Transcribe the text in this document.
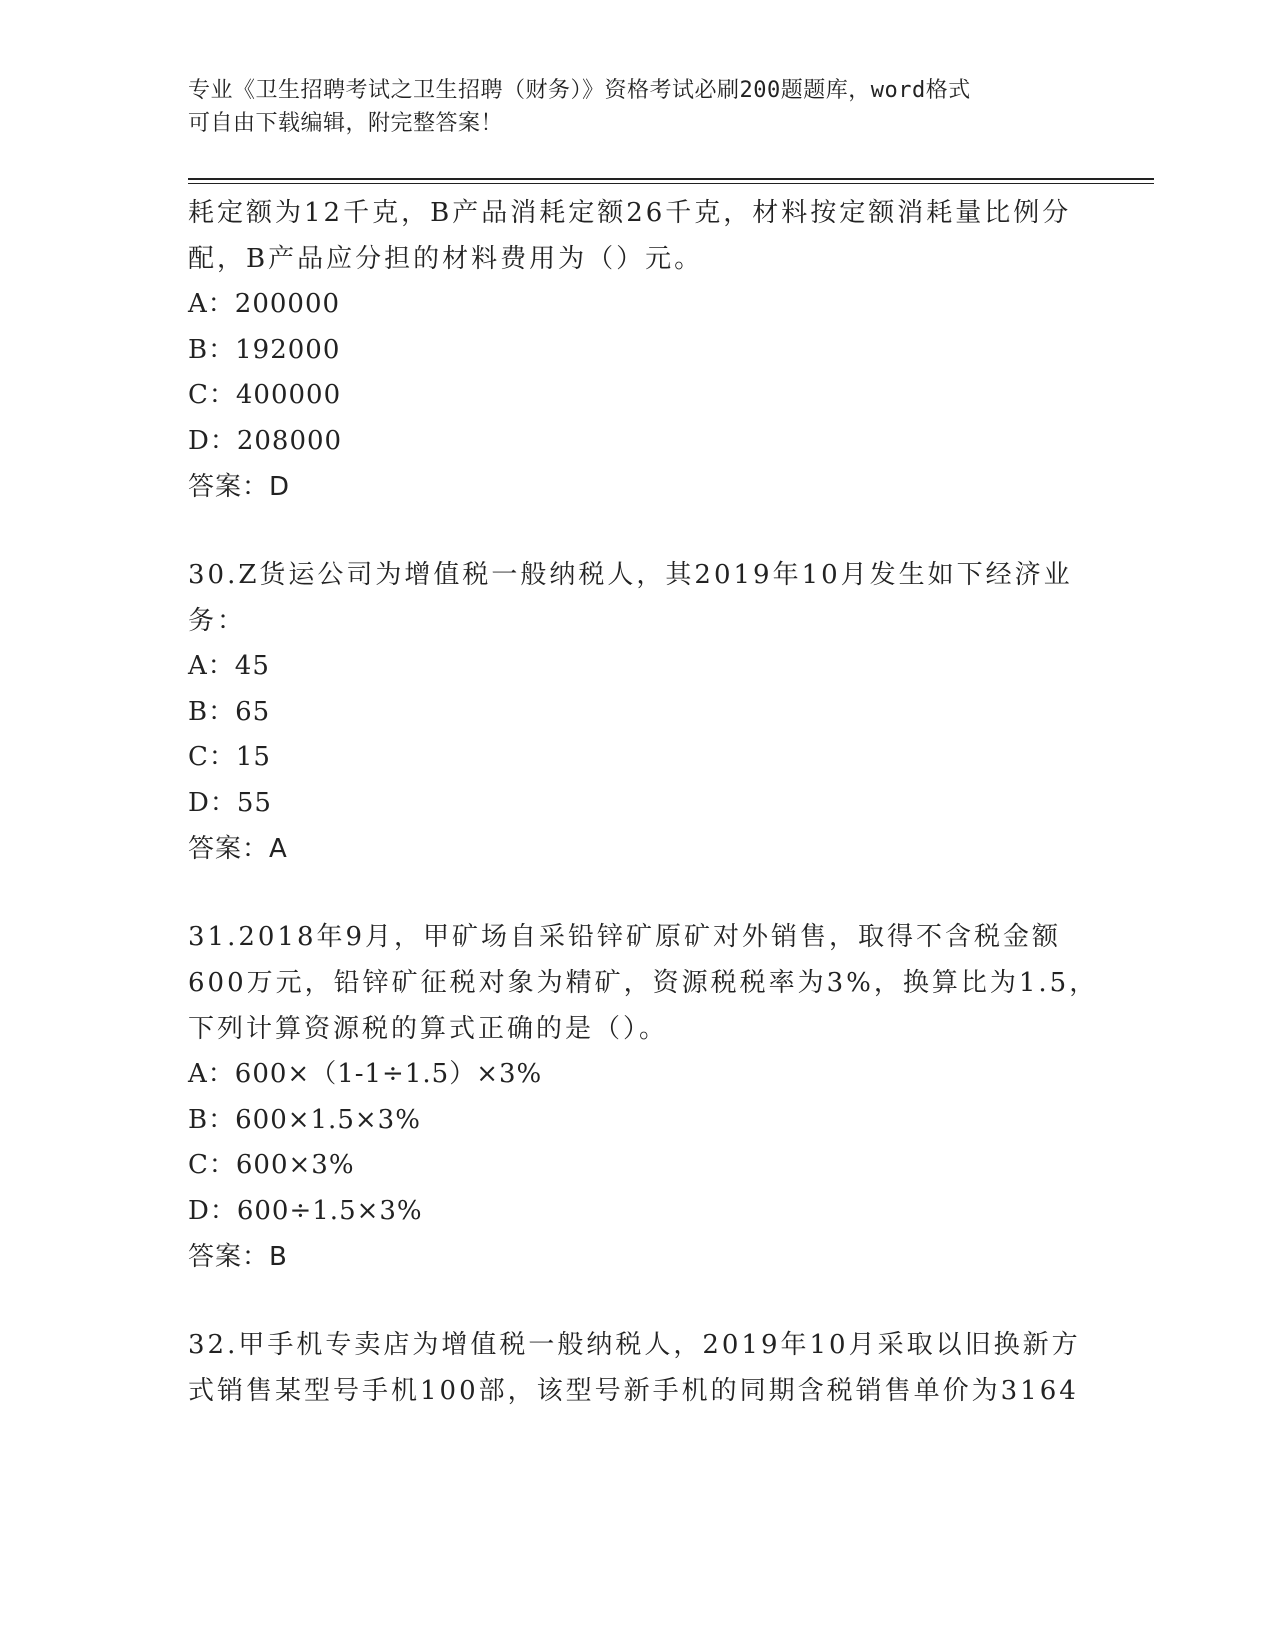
专业《卫生招聘考试之卫生招聘（财务）》资格考试必刷200题题库，word格式
可自由下载编辑，附完整答案！
耗定额为12千克，B产品消耗定额26千克，材料按定额消耗量比例分
配，B产品应分担的材料费用为（）元。
A：200000
B：192000
C：400000
D：208000
答案：D
30.Z货运公司为增值税一般纳税人，其2019年10月发生如下经济业
务：
A：45
B：65
C：15
D：55
答案：A
31.2018年9月，甲矿场自采铅锌矿原矿对外销售，取得不含税金额
600万元，铅锌矿征税对象为精矿，资源税税率为3%，换算比为1.5，
下列计算资源税的算式正确的是（）。
A：600×（1-1÷1.5）×3%
B：600×1.5×3%
C：600×3%
D：600÷1.5×3%
答案：B
32.甲手机专卖店为增值税一般纳税人，2019年10月采取以旧换新方
式销售某型号手机100部，该型号新手机的同期含税销售单价为3164
